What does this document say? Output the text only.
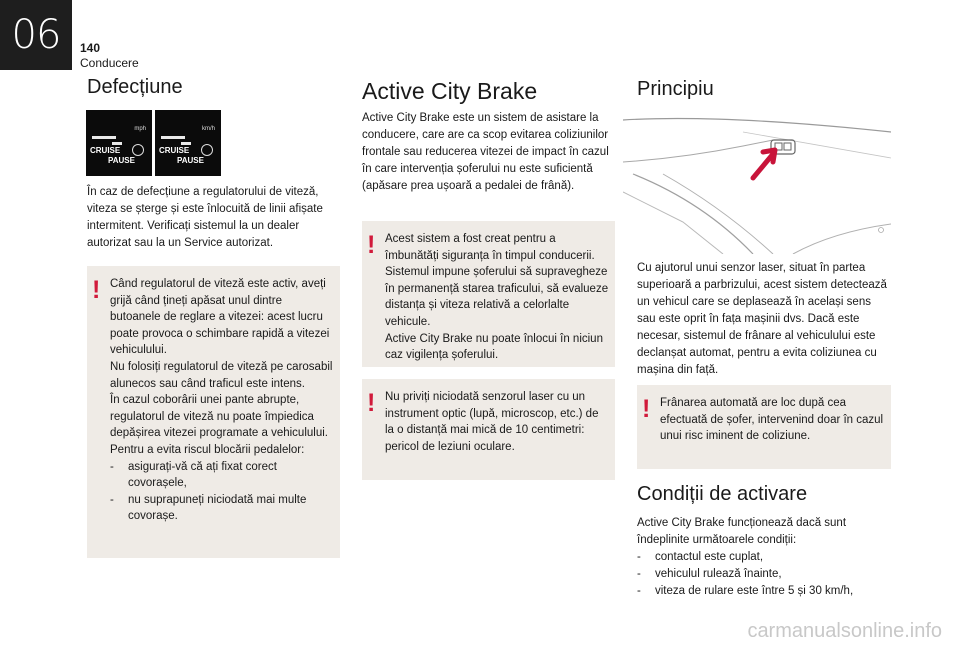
06	140
Conducere
Defecțiune
mph
CRUISE
PAUSE
km/h
CRUISE
PAUSE
În caz de defecțiune a regulatorului de viteză, viteza se șterge și este înlocuită de linii afișate intermitent. Verificați sistemul la un dealer autorizat sau la un Service autorizat.
! Când regulatorul de viteză este activ, aveți grijă când țineți apăsat unul dintre butoanele de reglare a vitezei: acest lucru poate provoca o schimbare rapidă a vitezei vehiculului.

Nu folosiți regulatorul de viteză pe carosabil alunecos sau când traficul este intens.

În cazul coborârii unei pante abrupte, regulatorul de viteză nu poate împiedica depășirea vitezei programate a vehiculului.

Pentru a evita riscul blocării pedalelor:

- asigurați-vă că ați fixat corect covorașele,
- nu suprapuneți niciodată mai multe covorașe.
Active City Brake
Active City Brake este un sistem de asistare la conducere, care are ca scop evitarea coliziunilor frontale sau reducerea vitezei de impact în cazul în care intervenția șoferului nu este suficientă (apăsare prea ușoară a pedalei de frână).
! Acest sistem a fost creat pentru a îmbunătăți siguranța în timpul conducerii.

Sistemul impune șoferului să supravegheze în permanență starea traficului, să evalueze distanța și viteza relativă a celorlalte vehicule.

Active City Brake nu poate înlocui în niciun caz vigilența șoferului.

! Nu priviți niciodată senzorul laser cu un instrument optic (lupă, microscop, etc.) de la o distanță mai mică de 10 centimetri: pericol de leziuni oculare.

Principiu
Cu ajutorul unui senzor laser, situat în partea superioară a parbrizului, acest sistem detectează un vehicul care se deplasează în același sens sau este oprit în fața mașinii dvs. Dacă este necesar, sistemul de frânare al vehiculului este declanșat automat, pentru a evita coliziunea cu mașina din față.
! Frânarea automată are loc după cea efectuată de șofer, intervenind doar în cazul unui risc iminent de coliziune.

Condiții de activare

Active City Brake funcționează dacă sunt îndeplinite următoarele condiții:

- contactul este cuplat,
- vehiculul rulează înainte,
- viteza de rulare este între 5 și 30 km/h,
carmanualsonline.info
